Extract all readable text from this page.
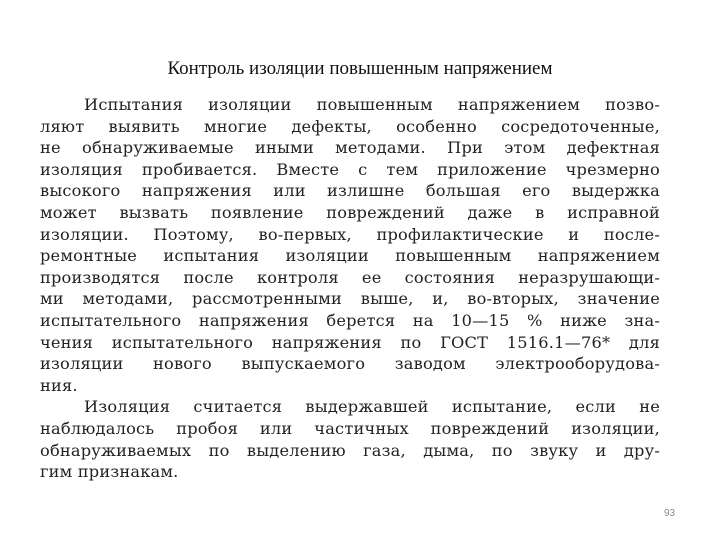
Контроль изоляции повышенным напряжением
Испытания изоляции повышенным напряжением позво-
ляют выявить многие дефекты, особенно сосредоточенные,
не обнаруживаемые иными методами. При этом дефектная
изоляция пробивается. Вместе с тем приложение чрезмерно
высокого напряжения или излишне большая его выдержка
может вызвать появление повреждений даже в исправной
изоляции. Поэтому, во-первых, профилактические и после-
ремонтные испытания изоляции повышенным напряжением
производятся после контроля ее состояния неразрушающи-
ми методами, рассмотренными выше, и, во-вторых, значение
испытательного напряжения берется на 10—15 % ниже зна-
чения испытательного напряжения по ГОСТ 1516.1—76* для
изоляции нового выпускаемого заводом электрооборудова-
ния.
Изоляция считается выдержавшей испытание, если не
наблюдалось пробоя или частичных повреждений изоляции,
обнаруживаемых по выделению газа, дыма, по звуку и дру-
гим признакам.
93
